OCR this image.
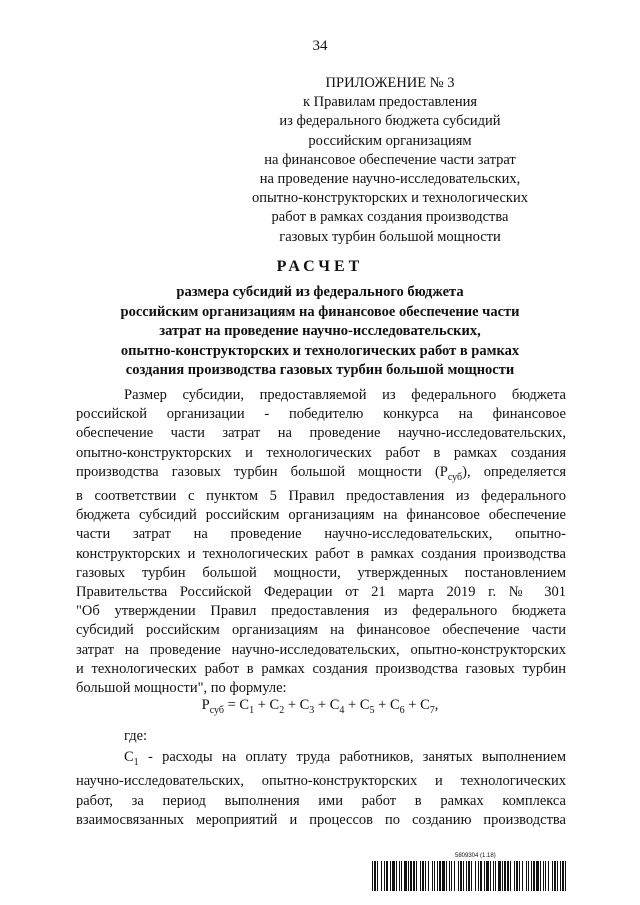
34
ПРИЛОЖЕНИЕ № 3
к Правилам предоставления
из федерального бюджета субсидий
российским организациям
на финансовое обеспечение части затрат
на проведение научно-исследовательских,
опытно-конструкторских и технологических
работ в рамках создания производства
газовых турбин большой мощности
РАСЧЕТ
размера субсидий из федерального бюджета
российским организациям на финансовое обеспечение части
затрат на проведение научно-исследовательских,
опытно-конструкторских и технологических работ в рамках
создания производства газовых турбин большой мощности
Размер субсидии, предоставляемой из федерального бюджета
российской организации - победителю конкурса на финансовое
обеспечение части затрат на проведение научно-исследовательских,
опытно-конструкторских и технологических работ в рамках создания
производства газовых турбин большой мощности $(P_{суб})$, определяется
в соответствии с пунктом 5 Правил предоставления из федерального
бюджета субсидий российским организациям на финансовое обеспечение
части затрат на проведение научно-исследовательских, опытно-
конструкторских и технологических работ в рамках создания производства
газовых турбин большой мощности, утвержденных постановлением
Правительства Российской Федерации от 21 марта 2019 г. № 301
"Об утверждении Правил предоставления из федерального бюджета
субсидий российским организациям на финансовое обеспечение части
затрат на проведение научно-исследовательских, опытно-конструкторских
и технологических работ в рамках создания производства газовых турбин
большой мощности", по формуле:
$P_{суб} = C_1 + C_2 + C_3 + C_4 + C_5 + C_6 + C_7$,
где:
$C_1$ - расходы на оплату труда работников, занятых выполнением
научно-исследовательских, опытно-конструкторских и технологических
работ, за период выполнения ими работ в рамках комплекса
взаимосвязанных мероприятий и процессов по созданию производства
5809304 (1.18)
